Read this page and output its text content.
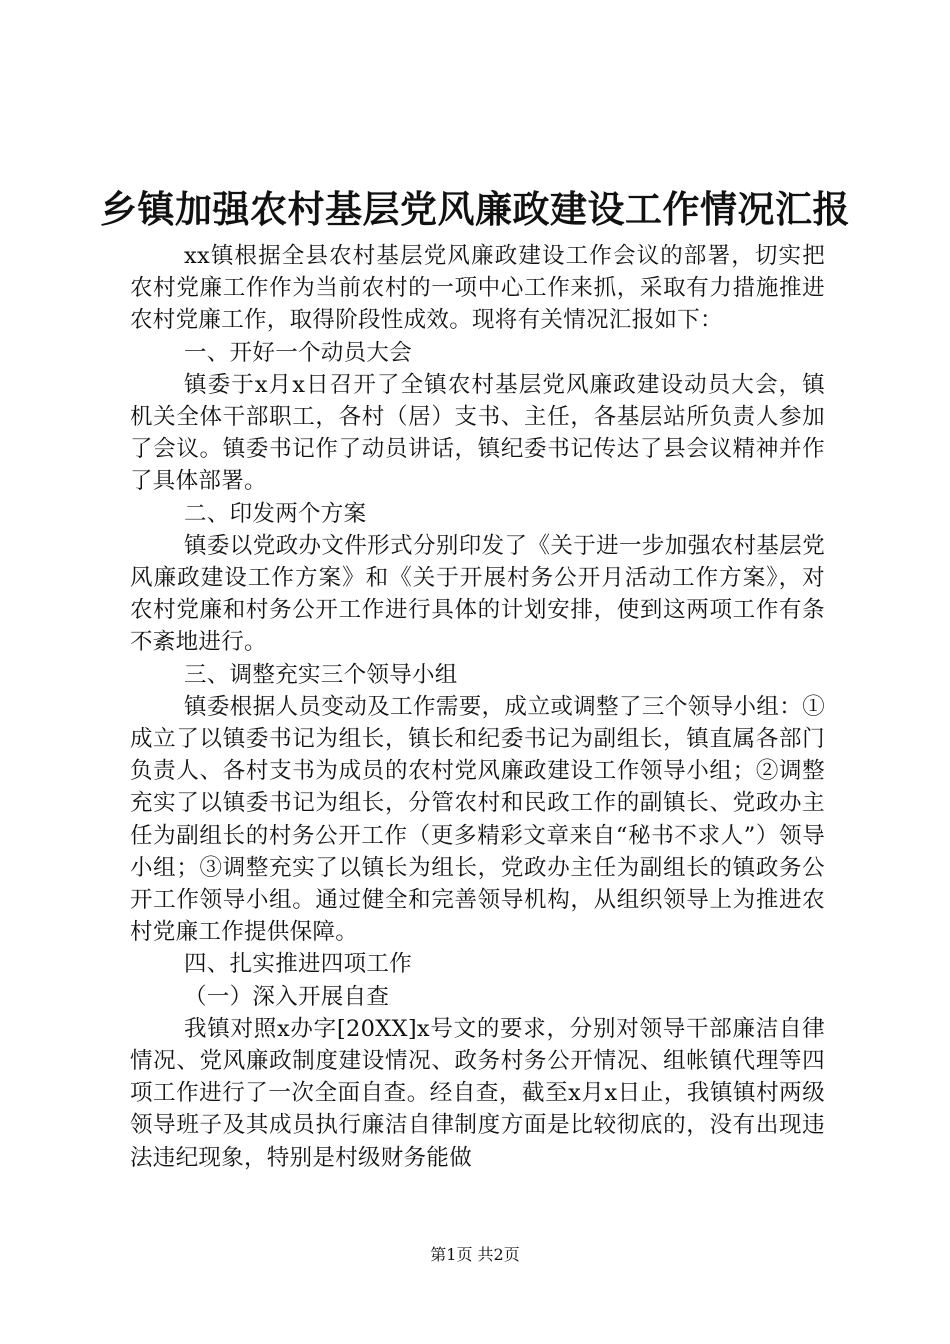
乡镇加强农村基层党风廉政建设工作情况汇报

xx镇根据全县农村基层党风廉政建设工作会议的部署，切实把农村党廉工作作为当前农村的一项中心工作来抓，采取有力措施推进农村党廉工作，取得阶段性成效。现将有关情况汇报如下：

一、开好一个动员大会

镇委于x月x日召开了全镇农村基层党风廉政建设动员大会，镇机关全体干部职工，各村（居）支书、主任，各基层站所负责人参加了会议。镇委书记作了动员讲话，镇纪委书记传达了县会议精神并作了具体部署。

二、印发两个方案

镇委以党政办文件形式分别印发了《关于进一步加强农村基层党风廉政建设工作方案》和《关于开展村务公开月活动工作方案》，对农村党廉和村务公开工作进行具体的计划安排，使到这两项工作有条不紊地进行。

三、调整充实三个领导小组

镇委根据人员变动及工作需要，成立或调整了三个领导小组：①成立了以镇委书记为组长，镇长和纪委书记为副组长，镇直属各部门负责人、各村支书为成员的农村党风廉政建设工作领导小组；②调整充实了以镇委书记为组长，分管农村和民政工作的副镇长、党政办主任为副组长的村务公开工作（更多精彩文章来自“秘书不求人”）领导小组；③调整充实了以镇长为组长，党政办主任为副组长的镇政务公开工作领导小组。通过健全和完善领导机构，从组织领导上为推进农村党廉工作提供保障。

四、扎实推进四项工作

（一）深入开展自查

我镇对照x办字[20XX]x号文的要求，分别对领导干部廉洁自律情况、党风廉政制度建设情况、政务村务公开情况、组帐镇代理等四项工作进行了一次全面自查。经自查，截至x月x日止，我镇镇村两级领导班子及其成员执行廉洁自律制度方面是比较彻底的，没有出现违法违纪现象，特别是村级财务能做

第1页 共2页
